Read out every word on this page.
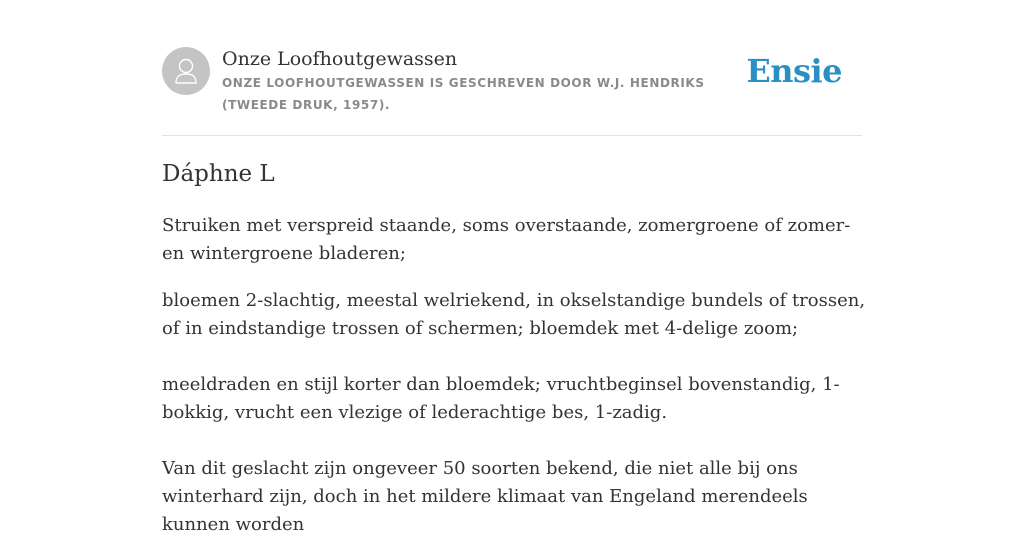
Onze Loofhoutgewassen
ONZE LOOFHOUTGEWASSEN IS GESCHREVEN DOOR W.J. HENDRIKS (TWEEDE DRUK, 1957).
Ensie
Dáphne L

Struiken met verspreid staande, soms overstaande, zomergroene of zomer- en wintergroene bladeren;

bloemen 2-slachtig, meestal welriekend, in okselstandige bundels of trossen, of in eindstandige trossen of schermen; bloemdek met 4-delige zoom;

meeldraden en stijl korter dan bloemdek; vruchtbeginsel bovenstandig, 1-bokkig, vrucht een vlezige of lederachtige bes, 1-zadig.

Van dit geslacht zijn ongeveer 50 soorten bekend, die niet alle bij ons winterhard zijn, doch in het mildere klimaat van Engeland merendeels kunnen worden
